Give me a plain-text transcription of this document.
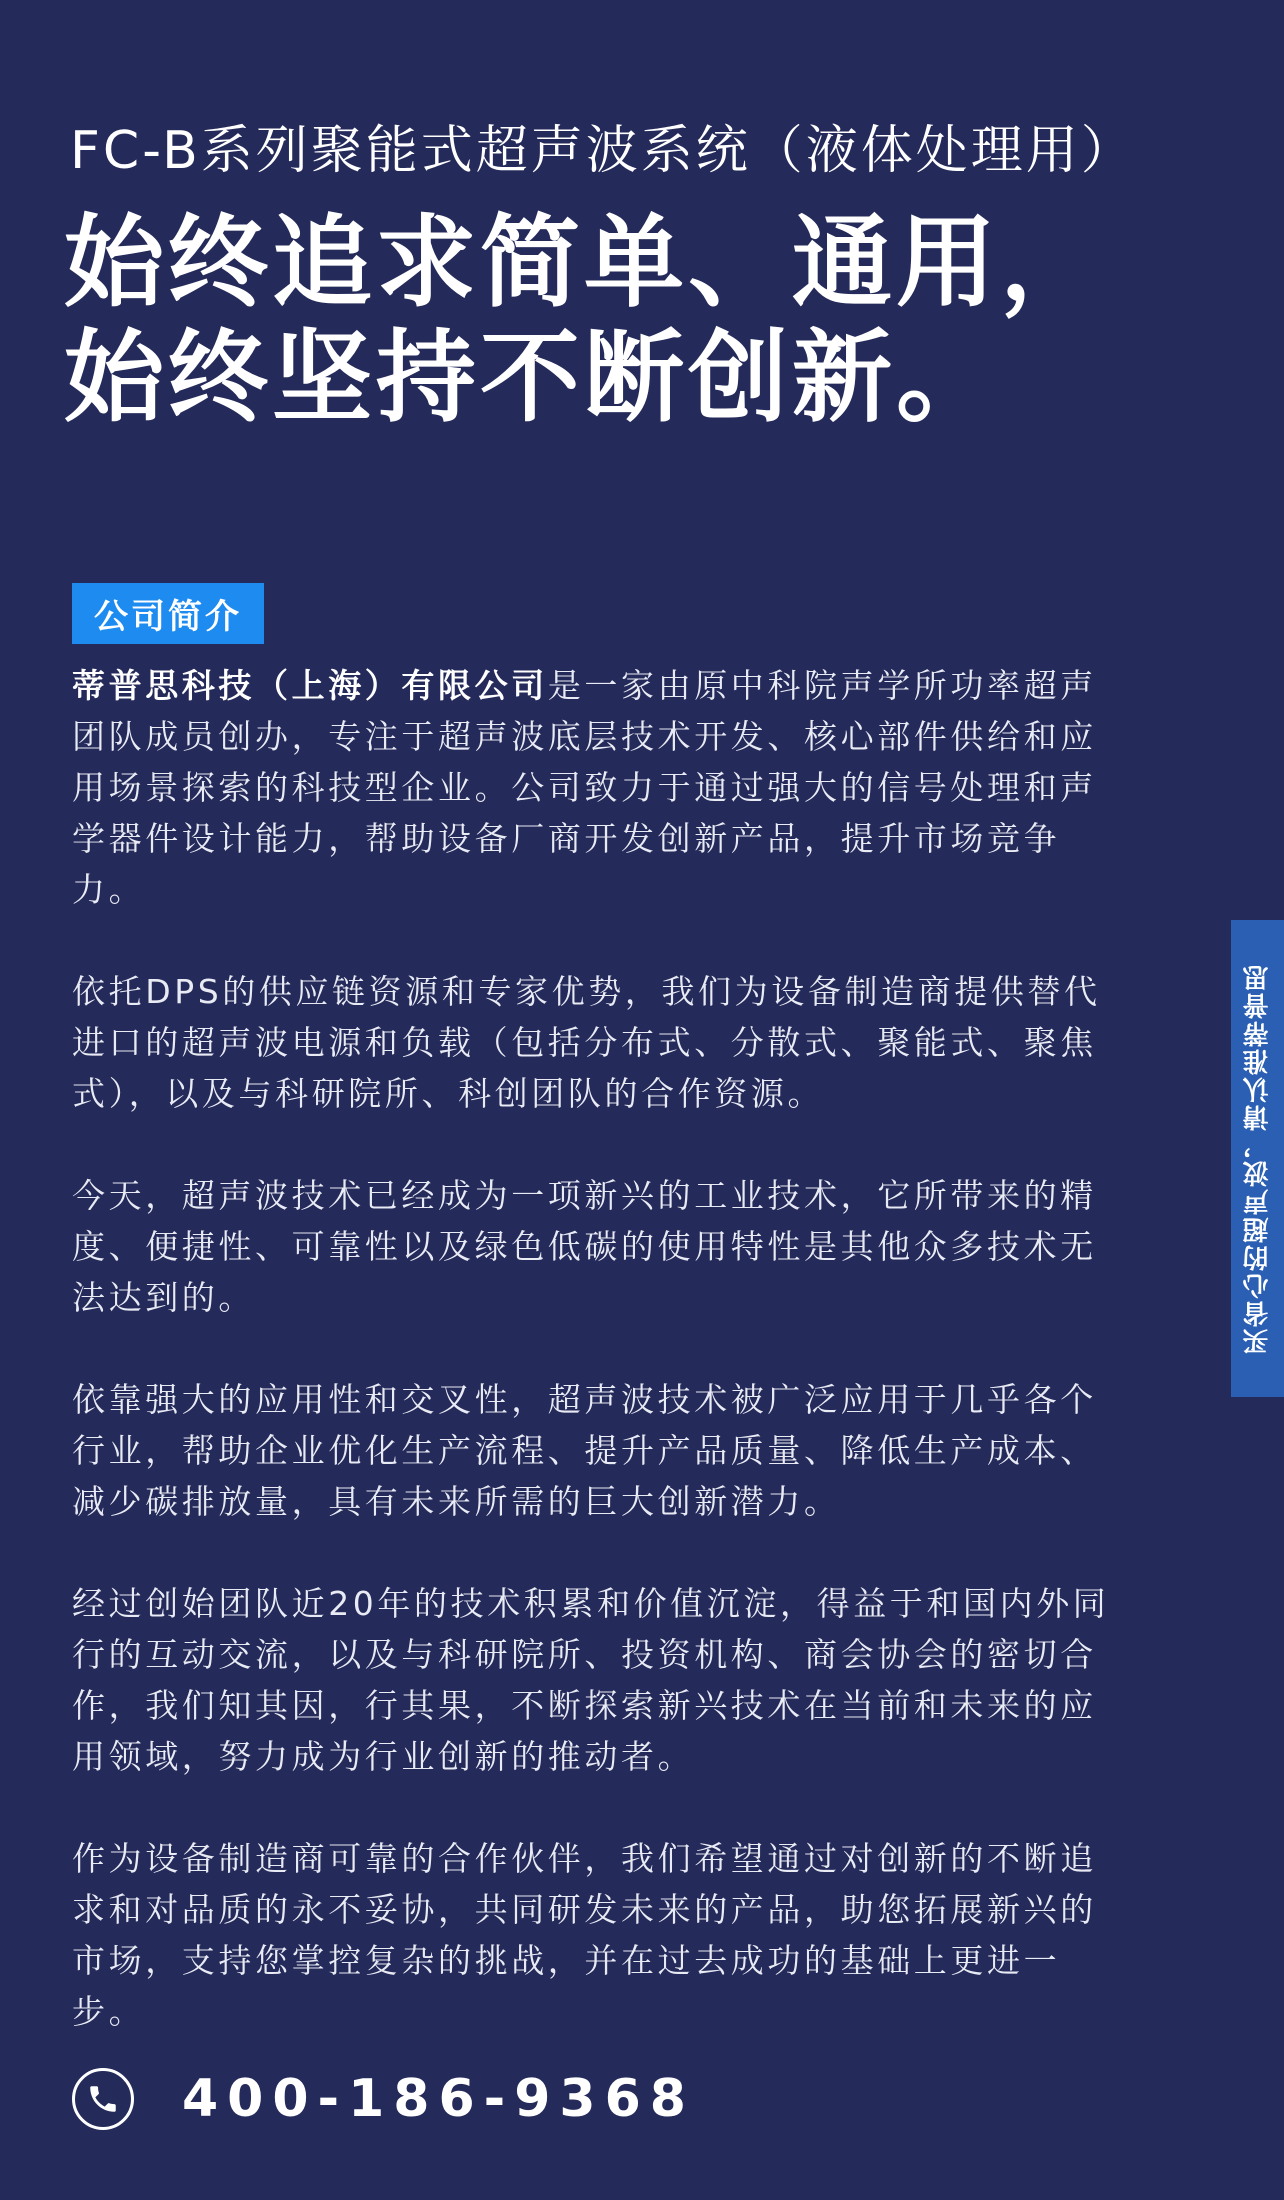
FC-B系列聚能式超声波系统（液体处理用）
始终追求简单、通用，
始终坚持不断创新。
公司简介

蒂普思科技（上海）有限公司是一家由原中科院声学所功率超声团队成员创办，专注于超声波底层技术开发、核心部件供给和应用场景探索的科技型企业。公司致力于通过强大的信号处理和声学器件设计能力，帮助设备厂商开发创新产品，提升市场竞争力。

依托DPS的供应链资源和专家优势，我们为设备制造商提供替代进口的超声波电源和负载（包括分布式、分散式、聚能式、聚焦式），以及与科研院所、科创团队的合作资源。

今天，超声波技术已经成为一项新兴的工业技术，它所带来的精度、便捷性、可靠性以及绿色低碳的使用特性是其他众多技术无法达到的。

依靠强大的应用性和交叉性，超声波技术被广泛应用于几乎各个行业，帮助企业优化生产流程、提升产品质量、降低生产成本、减少碳排放量，具有未来所需的巨大创新潜力。

经过创始团队近20年的技术积累和价值沉淀，得益于和国内外同行的互动交流，以及与科研院所、投资机构、商会协会的密切合作，我们知其因，行其果，不断探索新兴技术在当前和未来的应用领域，努力成为行业创新的推动者。

作为设备制造商可靠的合作伙伴，我们希望通过对创新的不断追求和对品质的永不妥协，共同研发未来的产品，助您拓展新兴的市场，支持您掌控复杂的挑战，并在过去成功的基础上更进一步。

买省心的超声波，请认准蒂普思
400-186-9368
